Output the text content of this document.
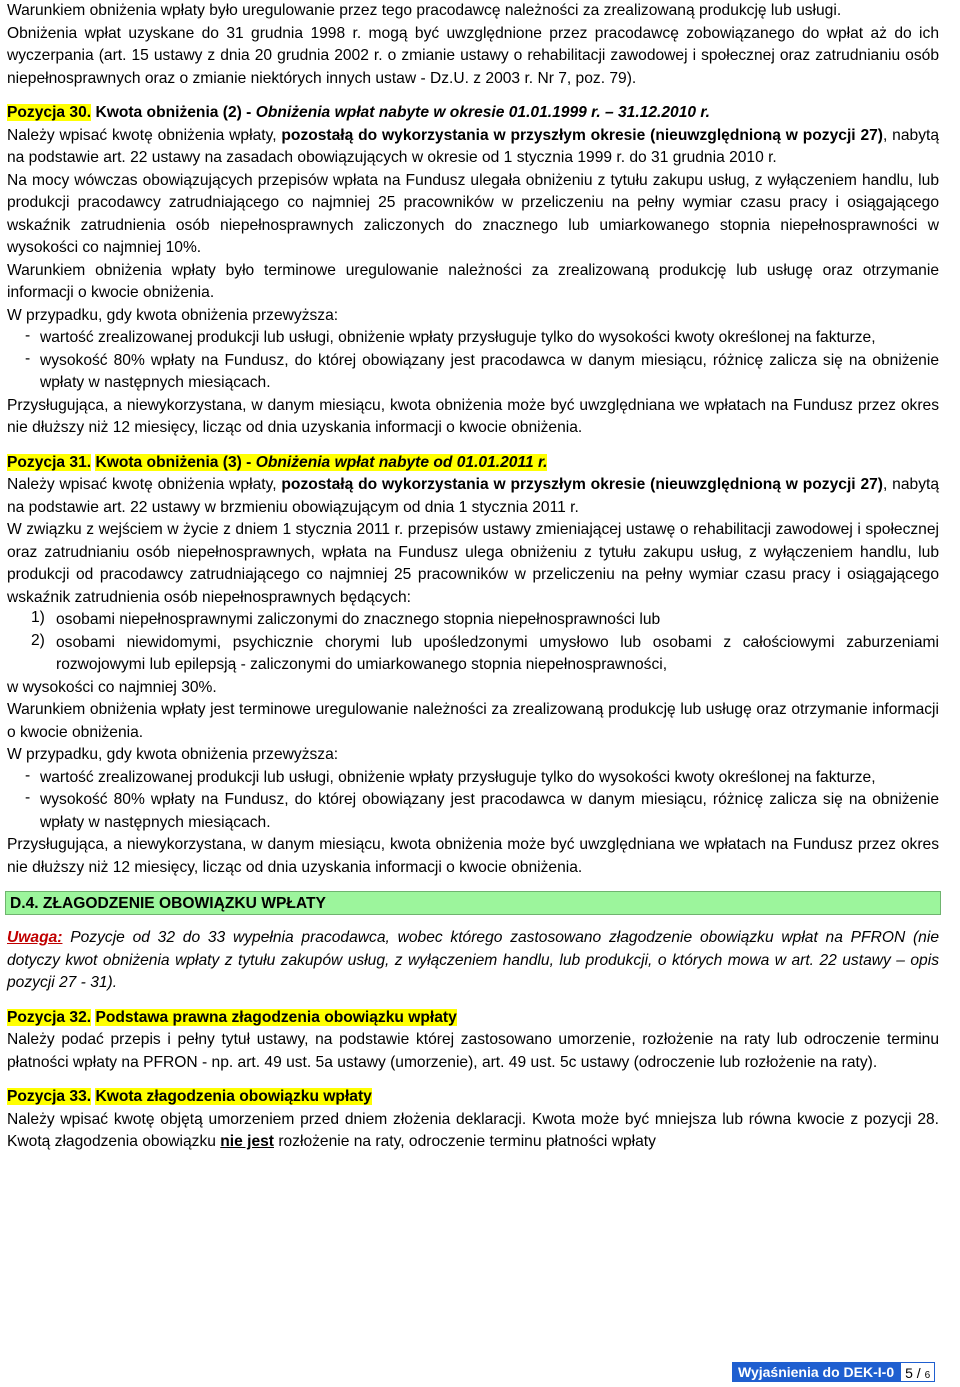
Warunkiem obniżenia wpłaty było uregulowanie przez tego pracodawcę należności za zrealizowaną produkcję lub usługi.

Obniżenia wpłat uzyskane do 31 grudnia 1998 r. mogą być uwzględnione przez pracodawcę zobowiązanego do wpłat aż do ich wyczerpania (art. 15 ustawy z dnia 20 grudnia 2002 r. o zmianie ustawy o rehabilitacji zawodowej i społecznej oraz zatrudnianiu osób niepełnosprawnych oraz o zmianie niektórych innych ustaw - Dz.U. z 2003 r. Nr 7, poz. 79).

Pozycja 30. Kwota obniżenia (2) - Obniżenia wpłat nabyte w okresie 01.01.1999 r. – 31.12.2010 r.

Należy wpisać kwotę obniżenia wpłaty, pozostałą do wykorzystania w przyszłym okresie (nieuwzględnioną w pozycji 27), nabytą na podstawie art. 22 ustawy na zasadach obowiązujących w okresie od 1 stycznia 1999 r. do 31 grudnia 2010 r.

Na mocy wówczas obowiązujących przepisów wpłata na Fundusz ulegała obniżeniu z tytułu zakupu usług, z wyłączeniem handlu, lub produkcji pracodawcy zatrudniającego co najmniej 25 pracowników w przeliczeniu na pełny wymiar czasu pracy i osiągającego wskaźnik zatrudnienia osób niepełnosprawnych zaliczonych do znacznego lub umiarkowanego stopnia niepełnosprawności w wysokości co najmniej 10%.

Warunkiem obniżenia wpłaty było terminowe uregulowanie należności za zrealizowaną produkcję lub usługę oraz otrzymanie informacji o kwocie obniżenia.

W przypadku, gdy kwota obniżenia przewyższa:

- wartość zrealizowanej produkcji lub usługi, obniżenie wpłaty przysługuje tylko do wysokości kwoty określonej na fakturze,
- wysokość 80% wpłaty na Fundusz, do której obowiązany jest pracodawca w danym miesiącu, różnicę zalicza się na obniżenie wpłaty w następnych miesiącach.

Przysługująca, a niewykorzystana, w danym miesiącu, kwota obniżenia może być uwzględniana we wpłatach na Fundusz przez okres nie dłuższy niż 12 miesięcy, licząc od dnia uzyskania informacji o kwocie obniżenia.

Pozycja 31. Kwota obniżenia (3) - Obniżenia wpłat nabyte od 01.01.2011 r.

Należy wpisać kwotę obniżenia wpłaty, pozostałą do wykorzystania w przyszłym okresie (nieuwzględnioną w pozycji 27), nabytą na podstawie art. 22 ustawy w brzmieniu obowiązującym od dnia 1 stycznia 2011 r.

W związku z wejściem w życie z dniem 1 stycznia 2011 r. przepisów ustawy zmieniającej ustawę o rehabilitacji zawodowej i społecznej oraz zatrudnianiu osób niepełnosprawnych, wpłata na Fundusz ulega obniżeniu z tytułu zakupu usług, z wyłączeniem handlu, lub produkcji od pracodawcy zatrudniającego co najmniej 25 pracowników w przeliczeniu na pełny wymiar czasu pracy i osiągającego wskaźnik zatrudnienia osób niepełnosprawnych będących:

1) osobami niepełnosprawnymi zaliczonymi do znacznego stopnia niepełnosprawności lub
2) osobami niewidomymi, psychicznie chorymi lub upośledzonymi umysłowo lub osobami z całościowymi zaburzeniami rozwojowymi lub epilepsją - zaliczonymi do umiarkowanego stopnia niepełnosprawności,

w wysokości co najmniej 30%.

Warunkiem obniżenia wpłaty jest terminowe uregulowanie należności za zrealizowaną produkcję lub usługę oraz otrzymanie informacji o kwocie obniżenia.

W przypadku, gdy kwota obniżenia przewyższa:

- wartość zrealizowanej produkcji lub usługi, obniżenie wpłaty przysługuje tylko do wysokości kwoty określonej na fakturze,
- wysokość 80% wpłaty na Fundusz, do której obowiązany jest pracodawca w danym miesiącu, różnicę zalicza się na obniżenie wpłaty w następnych miesiącach.

Przysługująca, a niewykorzystana, w danym miesiącu, kwota obniżenia może być uwzględniana we wpłatach na Fundusz przez okres nie dłuższy niż 12 miesięcy, licząc od dnia uzyskania informacji o kwocie obniżenia.

D.4. ZŁAGODZENIE OBOWIĄZKU WPŁATY

Uwaga: Pozycje od 32 do 33 wypełnia pracodawca, wobec którego zastosowano złagodzenie obowiązku wpłat na PFRON (nie dotyczy kwot obniżenia wpłaty z tytułu zakupów usług, z wyłączeniem handlu, lub produkcji, o których mowa w art. 22 ustawy – opis pozycji 27 - 31).

Pozycja 32. Podstawa prawna złagodzenia obowiązku wpłaty

Należy podać przepis i pełny tytuł ustawy, na podstawie której zastosowano umorzenie, rozłożenie na raty lub odroczenie terminu płatności wpłaty na PFRON - np. art. 49 ust. 5a ustawy (umorzenie), art. 49 ust. 5c ustawy (odroczenie lub rozłożenie na raty).

Pozycja 33. Kwota złagodzenia obowiązku wpłaty

Należy wpisać kwotę objętą umorzeniem przed dniem złożenia deklaracji. Kwota może być mniejsza lub równa kwocie z pozycji 28. Kwotą złagodzenia obowiązku nie jest rozłożenie na raty, odroczenie terminu płatności wpłaty

Wyjaśnienia do DEK-I-0 5 / 6
